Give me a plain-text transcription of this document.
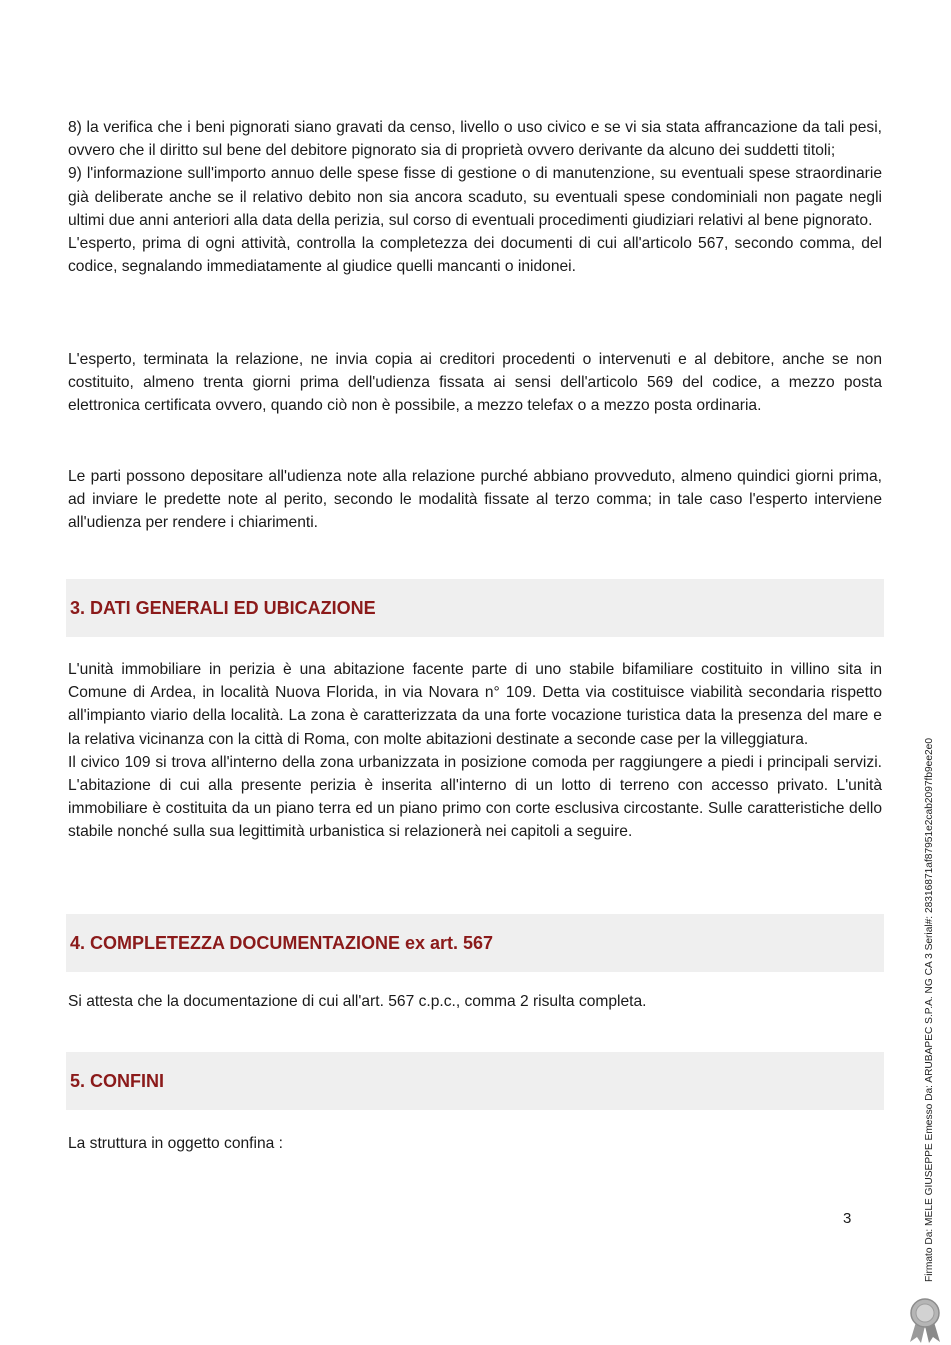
8) la verifica che i beni pignorati siano gravati da censo, livello o uso civico e se vi sia stata affrancazione da tali pesi, ovvero che il diritto sul bene del debitore pignorato sia di proprietà ovvero derivante da alcuno dei suddetti titoli;
9) l'informazione sull'importo annuo delle spese fisse di gestione o di manutenzione, su eventuali spese straordinarie già deliberate anche se il relativo debito non sia ancora scaduto, su eventuali spese condominiali non pagate negli ultimi due anni anteriori alla data della perizia, sul corso di eventuali procedimenti giudiziari relativi al bene pignorato.
L'esperto, prima di ogni attività, controlla la completezza dei documenti di cui all'articolo 567, secondo comma, del codice, segnalando immediatamente al giudice quelli mancanti o inidonei.

L'esperto, terminata la relazione, ne invia copia ai creditori procedenti o intervenuti e al debitore, anche se non costituito, almeno trenta giorni prima dell'udienza fissata ai sensi dell'articolo 569 del codice, a mezzo posta elettronica certificata ovvero, quando ciò non è possibile, a mezzo telefax o a mezzo posta ordinaria.

Le parti possono depositare all'udienza note alla relazione purché abbiano provveduto, almeno quindici giorni prima, ad inviare le predette note al perito, secondo le modalità fissate al terzo comma; in tale caso l'esperto interviene all'udienza per rendere i chiarimenti.

3. DATI GENERALI ED UBICAZIONE
L'unità immobiliare in perizia è una abitazione facente parte di uno stabile bifamiliare costituito in villino sita in Comune di Ardea, in località Nuova Florida, in via Novara n° 109. Detta via costituisce viabilità secondaria rispetto all'impianto viario della località. La zona è caratterizzata da una forte vocazione turistica data la presenza del mare e la relativa vicinanza con la città di Roma, con molte abitazioni destinate a seconde case per la villeggiatura.
Il civico 109 si trova all'interno della zona urbanizzata in posizione comoda per raggiungere a piedi i principali servizi. L'abitazione di cui alla presente perizia è inserita all'interno di un lotto di terreno con accesso privato. L'unità immobiliare è costituita da un piano terra ed un piano primo con corte esclusiva circostante. Sulle caratteristiche dello stabile nonché sulla sua legittimità urbanistica si relazionerà nei capitoli a seguire.
4. COMPLETEZZA DOCUMENTAZIONE ex art. 567

Si attesta che la documentazione di cui all'art. 567 c.p.c., comma 2 risulta completa.

5. CONFINI

La struttura in oggetto confina :

3	Firmato Da: MELE GIUSEPPE Emesso Da: ARUBAPEC S.P.A. NG CA 3 Serial#: 28316871af87951e2cab2097fb9ee2e0
